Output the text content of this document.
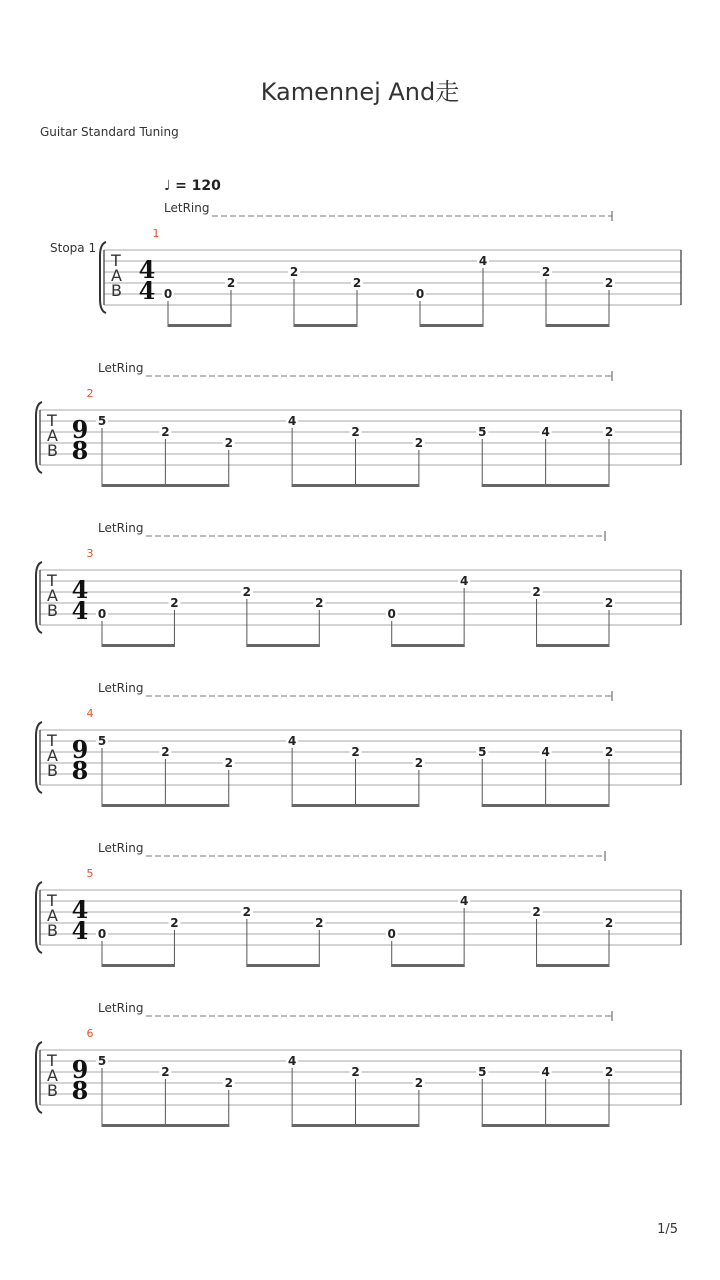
Kamennej And走
Guitar Standard Tuning
♩ = 120
Stopa 1
1/5
T
A
B
4
4
1
LetRing
0
2
2
2
0
4
2
2
T
A
B
9
8
2
LetRing
5
2
2
4
2
2
5	4	2
T
A
B
4
4
3
LetRing
0
2
2
2
0
4
2
2
T
A
B
9
8
4
LetRing
5
2
2
4
2
2
5	4	2
T
A
B
4
4
5
LetRing
0
2
2
2
0
4
2
2
T
A
B
9
8
6
LetRing
5
2
2
4
2
2
5	4	2
